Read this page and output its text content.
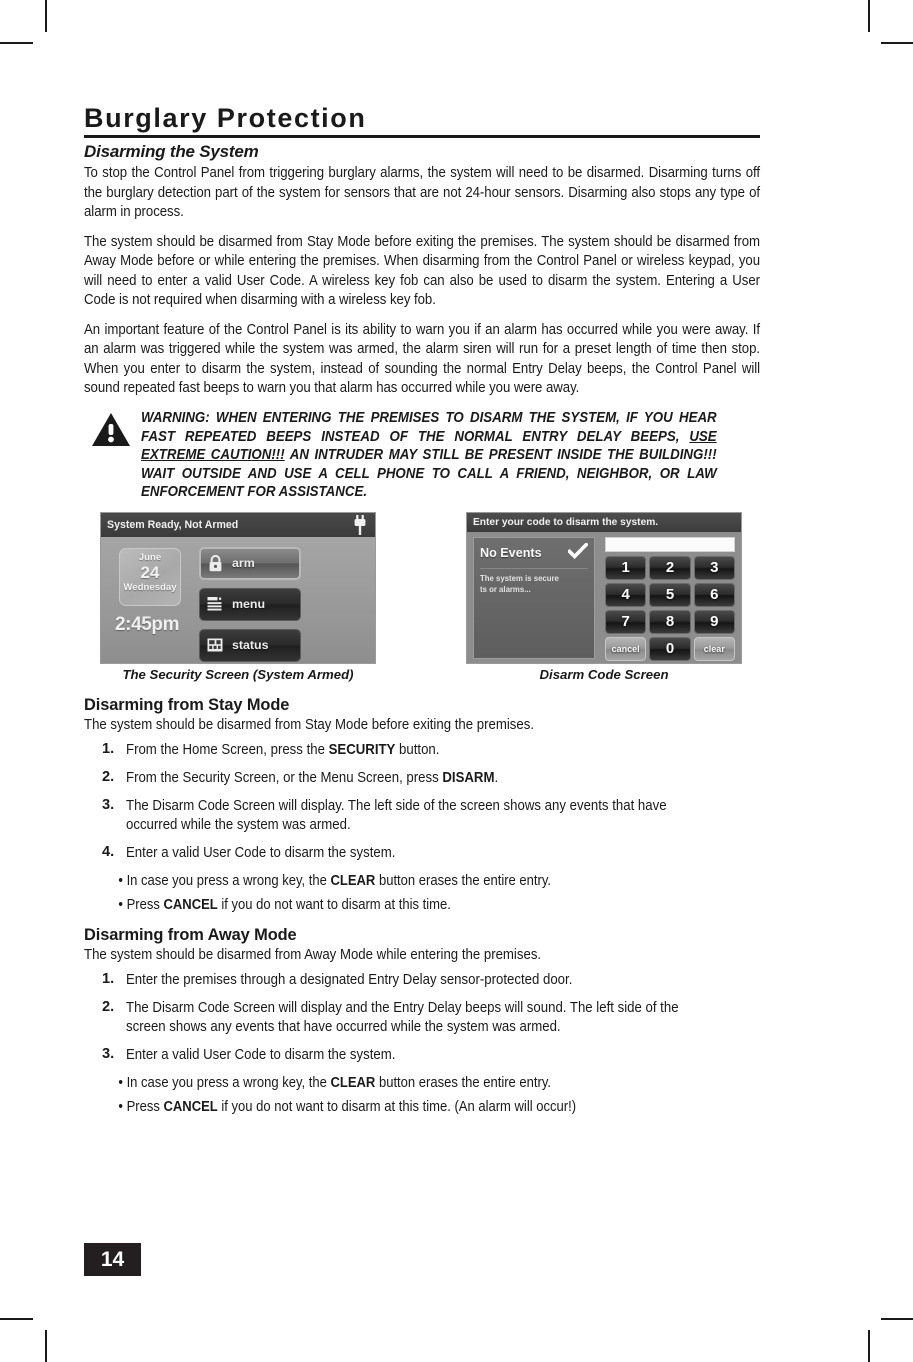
Burglary Protection
Disarming the System

To stop the Control Panel from triggering burglary alarms, the system will need to be disarmed. Disarming turns off the burglary detection part of the system for sensors that are not 24-hour sensors. Disarming also stops any type of alarm in process.

The system should be disarmed from Stay Mode before exiting the premises. The system should be disarmed from Away Mode before or while entering the premises. When disarming from the Control Panel or wireless keypad, you will need to enter a valid User Code. A wireless key fob can also be used to disarm the system. Entering a User Code is not required when disarming with a wireless key fob.

An important feature of the Control Panel is its ability to warn you if an alarm has occurred while you were away. If an alarm was triggered while the system was armed, the alarm siren will run for a preset length of time then stop. When you enter to disarm the system, instead of sounding the normal Entry Delay beeps, the Control Panel will sound repeated fast beeps to warn you that alarm has occurred while you were away.

WARNING: WHEN ENTERING THE PREMISES TO DISARM THE SYSTEM, IF YOU HEAR FAST REPEATED BEEPS INSTEAD OF THE NORMAL ENTRY DELAY BEEPS, USE EXTREME CAUTION!!! AN INTRUDER MAY STILL BE PRESENT INSIDE THE BUILDING!!! WAIT OUTSIDE AND USE A CELL PHONE TO CALL A FRIEND, NEIGHBOR, OR LAW ENFORCEMENT FOR ASSISTANCE.
System Ready, Not Armed
June
24
Wednesday
2:45pm
arm
menu
status
The Security Screen (System Armed)
Enter your code to disarm the system.
No Events
The system is secure
ts or alarms...
1	2	3
4	5	6
7	8	9
cancel	0	clear
Disarm Code Screen
Disarming from Stay Mode

The system should be disarmed from Stay Mode before exiting the premises.

1. From the Home Screen, press the SECURITY button.
2. From the Security Screen, or the Menu Screen, press DISARM.
3. The Disarm Code Screen will display. The left side of the screen shows any events that have occurred while the system was armed.
4. Enter a valid User Code to disarm the system.
• In case you press a wrong key, the CLEAR button erases the entire entry.
• Press CANCEL if you do not want to disarm at this time.
Disarming from Away Mode

The system should be disarmed from Away Mode while entering the premises.

1. Enter the premises through a designated Entry Delay sensor-protected door.
2. The Disarm Code Screen will display and the Entry Delay beeps will sound. The left side of the screen shows any events that have occurred while the system was armed.
3. Enter a valid User Code to disarm the system.
• In case you press a wrong key, the CLEAR button erases the entire entry.
• Press CANCEL if you do not want to disarm at this time. (An alarm will occur!)
14
